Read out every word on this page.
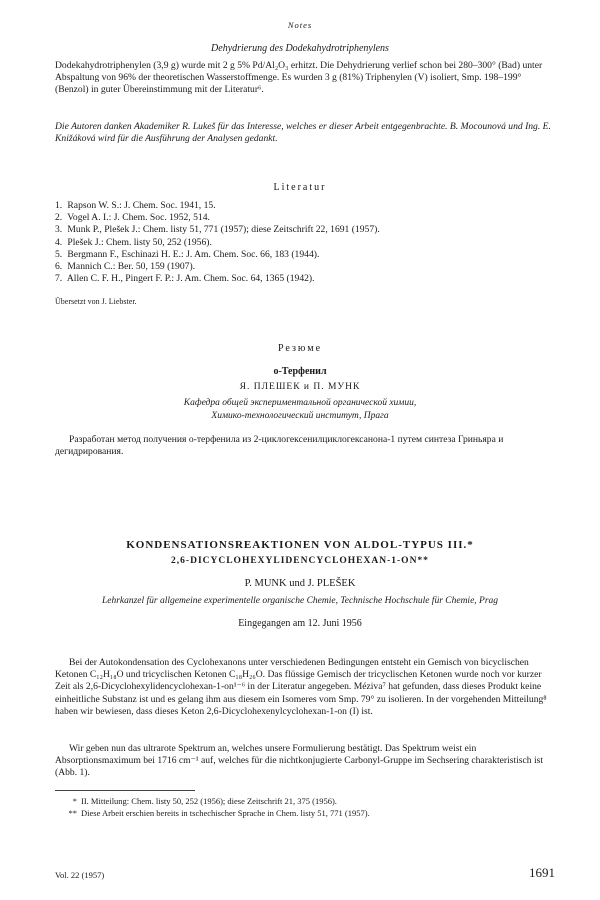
Notes
Dehydrierung des Dodekahydrotriphenylens

Dodekahydrotriphenylen (3,9 g) wurde mit 2 g 5% Pd/Al₂O₃ erhitzt. Die Dehydrierung verlief schon bei 280–300° (Bad) unter Abspaltung von 96% der theoretischen Wasserstoffmenge. Es wurden 3 g (81%) Triphenylen (V) isoliert, Smp. 198–199° (Benzol) in guter Übereinstimmung mit der Literatur⁶.

Die Autoren danken Akademiker R. Lukeš für das Interesse, welches er dieser Arbeit entgegenbrachte. B. Mocounová und Ing. E. Knižáková wird für die Ausführung der Analysen gedankt.

Literatur
1. Rapson W. S.: J. Chem. Soc. 1941, 15.
2. Vogel A. I.: J. Chem. Soc. 1952, 514.
3. Munk P., Plešek J.: Chem. listy 51, 771 (1957); diese Zeitschrift 22, 1691 (1957).
4. Plešek J.: Chem. listy 50, 252 (1956).
5. Bergmann F., Eschinazi H. E.: J. Am. Chem. Soc. 66, 183 (1944).
6. Mannich C.: Ber. 50, 159 (1907).
7. Allen C. F. H., Pingert F. P.: J. Am. Chem. Soc. 64, 1365 (1942).
Übersetzt von J. Liebster.
Резюме
o-Терфенил
Я. ПЛЕШЕК и П. МУНК
Кафедра общей экспериментальной органической химии,
Химико-технологический институт, Прага

Разработан метод получения o-терфенила из 2-циклогексенилциклогексанона-1 путем синтеза Гриньяра и дегидрирования.

KONDENSATIONSREAKTIONEN VON ALDOL-TYPUS III.*
2,6-DICYCLOHEXYLIDENCYCLOHEXAN-1-ON**
P. MUNK und J. PLEŠEK
Lehrkanzel für allgemeine experimentelle organische Chemie, Technische Hochschule für Chemie, Prag
Eingegangen am 12. Juni 1956

Bei der Autokondensation des Cyclohexanons unter verschiedenen Bedingungen entsteht ein Gemisch von bicyclischen Ketonen C₁₂H₁₈O und tricyclischen Ketonen C₁₈H₂₆O. Das flüssige Gemisch der tricyclischen Ketonen wurde noch vor kurzer Zeit als 2,6-Dicyclohexylidencyclohexan-1-on¹⁻⁶ in der Literatur angegeben. Méziva⁷ hat gefunden, dass dieses Produkt keine einheitliche Substanz ist und es gelang ihm aus diesem ein Isomeres vom Smp. 79° zu isolieren. In der vorgehenden Mitteilung⁸ haben wir bewiesen, dass dieses Keton 2,6-Dicyclohexenylcyclohexan-1-on (I) ist.

Wir geben nun das ultrarote Spektrum an, welches unsere Formulierung bestätigt. Das Spektrum weist ein Absorptionsmaximum bei 1716 cm⁻¹ auf, welches für die nichtkonjugierte Carbonyl-Gruppe im Sechsering charakteristisch ist (Abb. 1).

* II. Mitteilung: Chem. listy 50, 252 (1956); diese Zeitschrift 21, 375 (1956).

** Diese Arbeit erschien bereits in tschechischer Sprache in Chem. listy 51, 771 (1957).

Vol. 22 (1957)	1691
